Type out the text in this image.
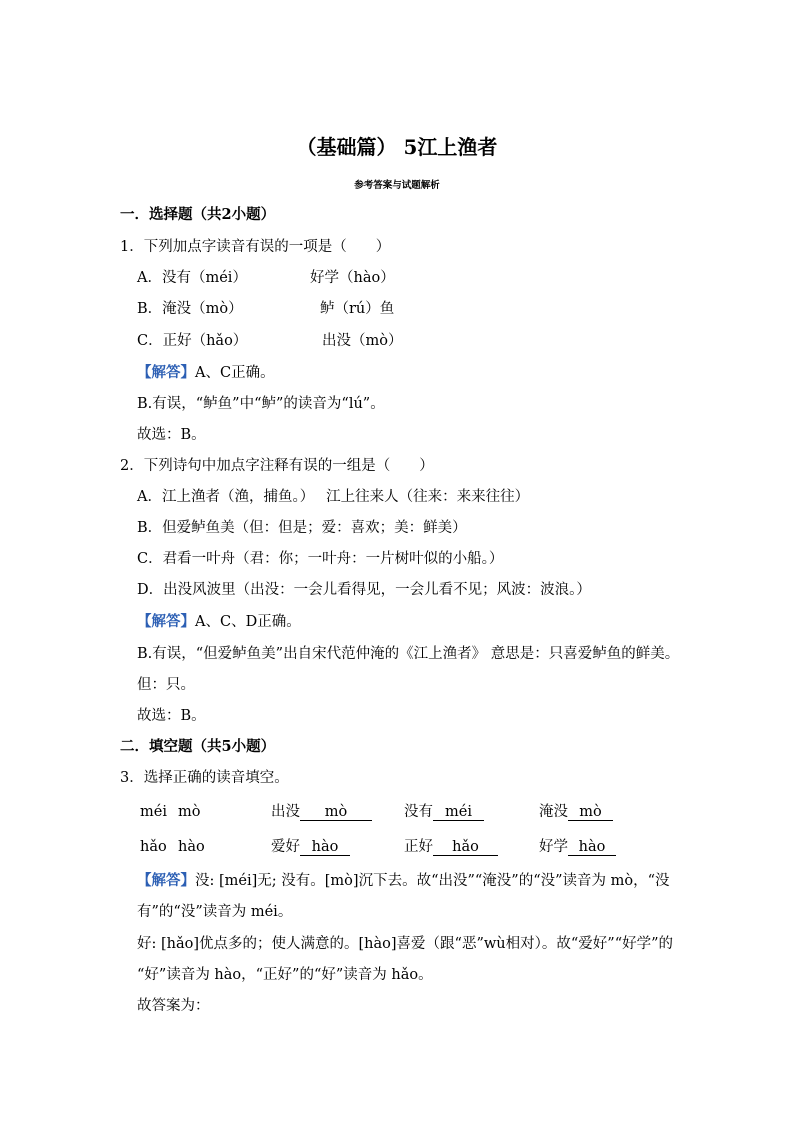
（基础篇） 5江上渔者
参考答案与试题解析
一．选择题（共2小题）
1．下列加点字读音有误的一项是（　　）
A．没有（méi）	好学（hào）
B．淹没（mò）	鲈（rú）鱼
C．正好（hǎo）	出没（mò）
【解答】A、C正确。
B.有误，“鲈鱼”中“鲈”的读音为“lú”。
故选：B。
2．下列诗句中加点字注释有误的一组是（　　）
A．江上渔者（渔，捕鱼。）　 江上往来人（往来：来来往往）
B．但爱鲈鱼美（但：但是；爱：喜欢；美：鲜美）
C．君看一叶舟（君：你；一叶舟：一片树叶似的小船。）
D．出没风波里（出没：一会儿看得见，一会儿看不见；风波：波浪。）
【解答】A、C、D正确。
B.有误，“但爱鲈鱼美”出自宋代范仲淹的《江上渔者》 意思是：只喜爱鲈鱼的鲜美。
但：只。
故选：B。
二．填空题（共5小题）
3．选择正确的读音填空。
méi mò	出没 mò	没有 méi	淹没 mò
hǎo hào	爱好 hào	正好 hǎo	好学 hào
【解答】没: [méi]无; 没有。[mò]沉下去。故“出没”“淹没”的“没”读音为 mò，“没
有”的“没”读音为 méi。
好: [hǎo]优点多的；使人满意的。[hào]喜爱（跟“恶”wù相对）。故“爱好”“好学”的
“好”读音为 hào，“正好”的“好”读音为 hǎo。
故答案为：
